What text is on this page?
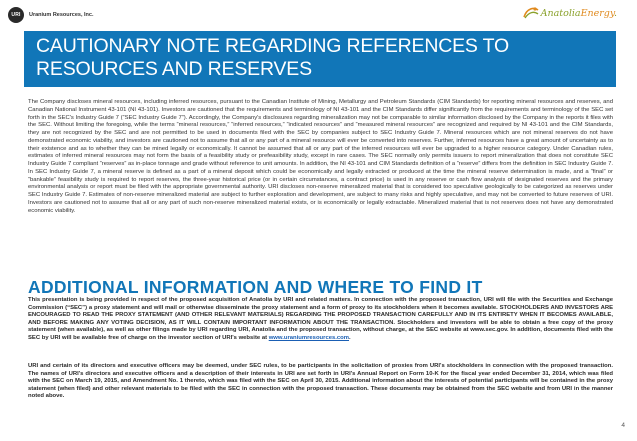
URI	Uranium Resources, Inc.	AnatoliaEnergy.
CAUTIONARY NOTE REGARDING REFERENCES TO RESOURCES AND RESERVES
The Company discloses mineral resources, including inferred resources, pursuant to the Canadian Institute of Mining, Metallurgy and Petroleum Standards (CIM Standards) for reporting mineral resources and reserves, and Canadian National Instrument 43-101 (NI 43-101). Investors are cautioned that the requirements and terminology of NI 43-101 and the CIM Standards differ significantly from the requirements and terminology of the SEC set forth in the SEC's Industry Guide 7 (“SEC Industry Guide 7”). Accordingly, the Company's disclosures regarding mineralization may not be comparable to similar information disclosed by the Company in the reports it files with the SEC. Without limiting the foregoing, while the terms “mineral resources,” “inferred resources,” “indicated resources” and “measured mineral resources” are recognized and required by NI 43-101 and the CIM Standards, they are not recognized by the SEC and are not permitted to be used in documents filed with the SEC by companies subject to SEC Industry Guide 7. Mineral resources which are not mineral reserves do not have demonstrated economic viability, and investors are cautioned not to assume that all or any part of a mineral resource will ever be converted into reserves. Further, inferred resources have a great amount of uncertainty as to their existence and as to whether they can be mined legally or economically. It cannot be assumed that all or any part of the inferred resources will ever be upgraded to a higher resource category. Under Canadian rules, estimates of inferred mineral resources may not form the basis of a feasibility study or prefeasibility study, except in rare cases. The SEC normally only permits issuers to report mineralization that does not constitute SEC Industry Guide 7 compliant “reserves” as in-place tonnage and grade without reference to unit amounts. In addition, the NI 43-101 and CIM Standards definition of a “reserve” differs from the definition in SEC Industry Guide 7. In SEC Industry Guide 7, a mineral reserve is defined as a part of a mineral deposit which could be economically and legally extracted or produced at the time the mineral reserve determination is made, and a “final” or “bankable” feasibility study is required to report reserves, the three-year historical price (or in certain circumstances, a contract price) is used in any reserve or cash flow analysis of designated reserves and the primary environmental analysis or report must be filed with the appropriate governmental authority. URI discloses non-reserve mineralized material that is considered too speculative geologically to be categorized as reserves under SEC Industry Guide 7. Estimates of non-reserve mineralized material are subject to further exploration and development, are subject to many risks and highly speculative, and may not be converted to future reserves of URI. Investors are cautioned not to assume that all or any part of such non-reserve mineralized material exists, or is economically or legally extractable. Mineralized material that is not reserves does not have any demonstrated economic viability.
ADDITIONAL INFORMATION AND WHERE TO FIND IT
This presentation is being provided in respect of the proposed acquisition of Anatolia by URI and related matters. In connection with the proposed transaction, URI will file with the Securities and Exchange Commission (“SEC”) a proxy statement and will mail or otherwise disseminate the proxy statement and a form of proxy to its stockholders when it becomes available. STOCKHOLDERS AND INVESTORS ARE ENCOURAGED TO READ THE PROXY STATEMENT (AND OTHER RELEVANT MATERIALS) REGARDING THE PROPOSED TRANSACTION CAREFULLY AND IN ITS ENTIRETY WHEN IT BECOMES AVAILABLE, AND BEFORE MAKING ANY VOTING DECISION, AS IT WILL CONTAIN IMPORTANT INFORMATION ABOUT THE TRANSACTION. Stockholders and investors will be able to obtain a free copy of the proxy statement (when available), as well as other filings made by URI regarding URI, Anatolia and the proposed transaction, without charge, at the SEC website at www.sec.gov. In addition, documents filed with the SEC by URI will be available free of charge on the investor section of URI's website at www.uraniumresources.com.
URI and certain of its directors and executive officers may be deemed, under SEC rules, to be participants in the solicitation of proxies from URI's stockholders in connection with the proposed transaction. The names of URI's directors and executive officers and a description of their interests in URI are set forth in URI's Annual Report on Form 10-K for the fiscal year ended December 31, 2014, which was filed with the SEC on March 19, 2015, and Amendment No. 1 thereto, which was filed with the SEC on April 30, 2015. Additional information about the interests of potential participants will be contained in the proxy statement (when filed) and other relevant materials to be filed with the SEC in connection with the proposed transaction. These documents may be obtained from the SEC website and from URI in the manner noted above.
4
